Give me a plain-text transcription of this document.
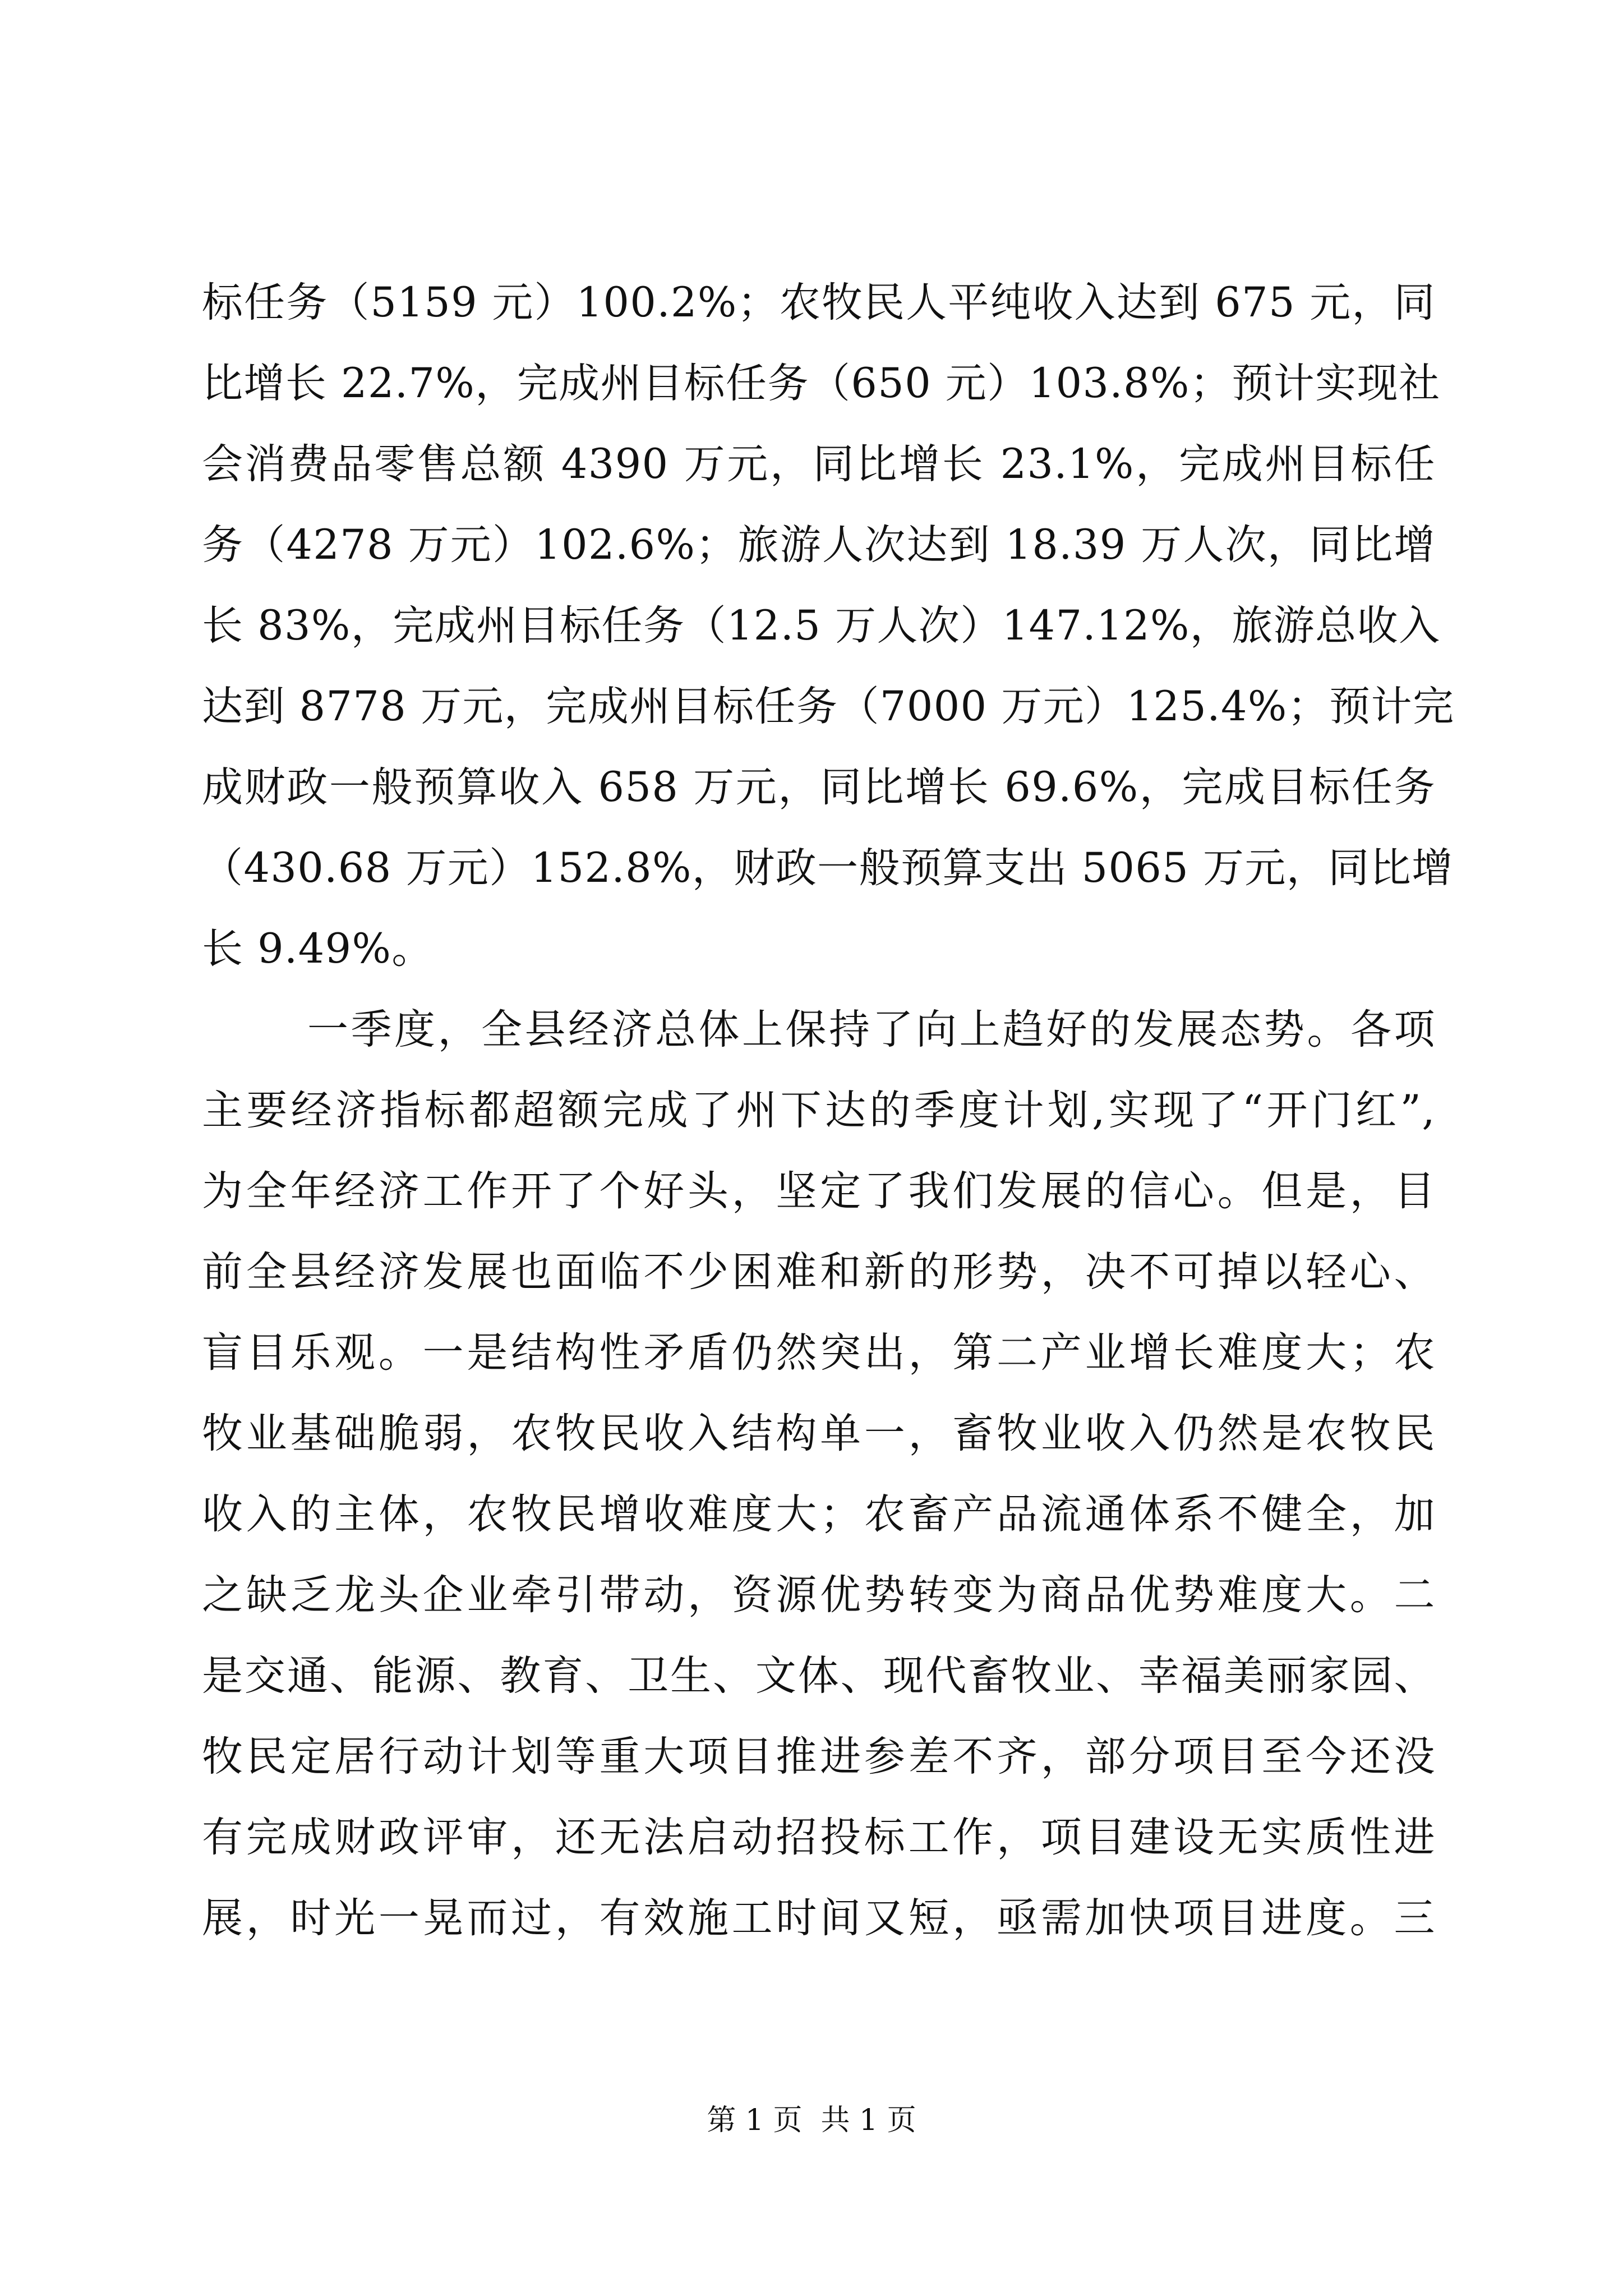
标任务（5159 元）100.2%；农牧民人平纯收入达到 675 元，同
比增长 22.7%，完成州目标任务（650 元）103.8%；预计实现社
会消费品零售总额 4390 万元，同比增长 23.1%，完成州目标任
务（4278 万元）102.6%；旅游人次达到 18.39 万人次，同比增
长 83%，完成州目标任务（12.5 万人次）147.12%，旅游总收入
达到 8778 万元，完成州目标任务（7000 万元）125.4%；预计完
成财政一般预算收入 658 万元，同比增长 69.6%，完成目标任务
（430.68 万元）152.8%，财政一般预算支出 5065 万元，同比增
长 9.49%。
一季度，全县经济总体上保持了向上趋好的发展态势。各项
主要经济指标都超额完成了州下达的季度计划,实现了“开门红”,
为全年经济工作开了个好头，坚定了我们发展的信心。但是，目
前全县经济发展也面临不少困难和新的形势，决不可掉以轻心、
盲目乐观。一是结构性矛盾仍然突出，第二产业增长难度大；农
牧业基础脆弱，农牧民收入结构单一，畜牧业收入仍然是农牧民
收入的主体，农牧民增收难度大；农畜产品流通体系不健全，加
之缺乏龙头企业牵引带动，资源优势转变为商品优势难度大。二
是交通、能源、教育、卫生、文体、现代畜牧业、幸福美丽家园、
牧民定居行动计划等重大项目推进参差不齐，部分项目至今还没
有完成财政评审，还无法启动招投标工作，项目建设无实质性进
展，时光一晃而过，有效施工时间又短，亟需加快项目进度。三
第 1 页  共 1 页
